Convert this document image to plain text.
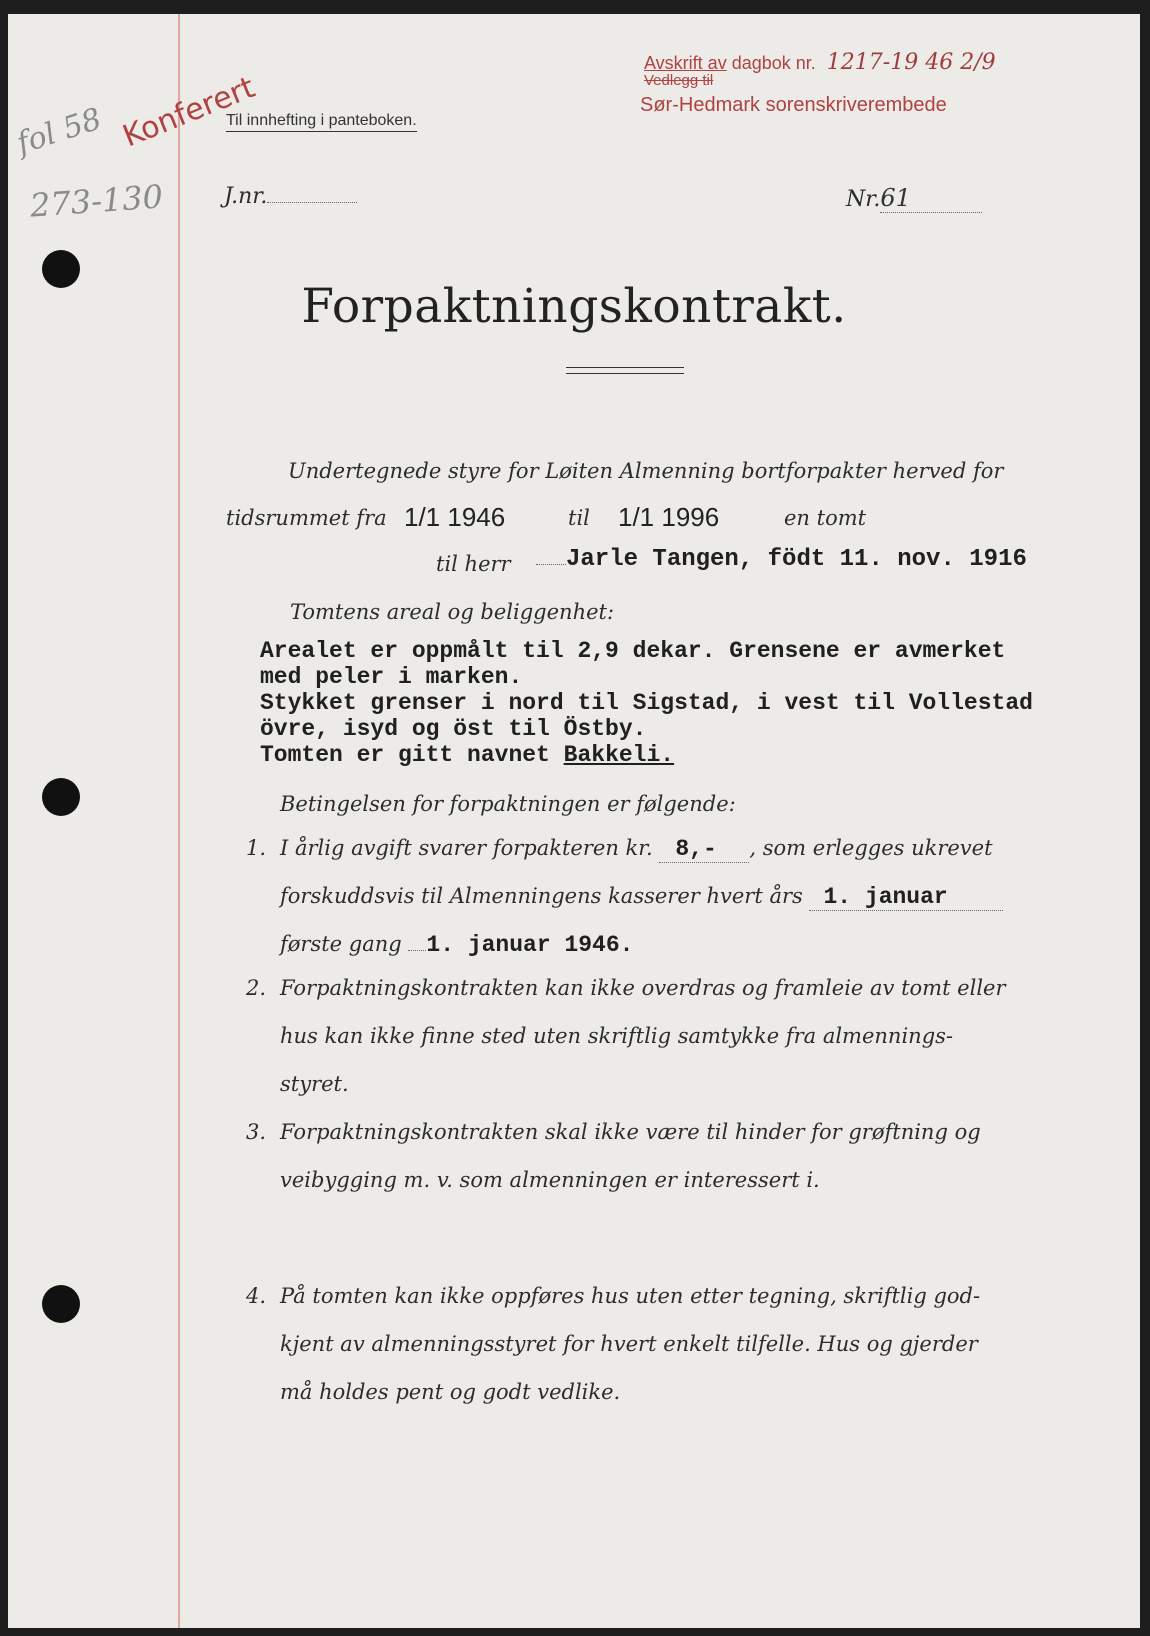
fol 58 Konferert
273-130
Avskrift av dagbok nr. 1217-19 46 2/9
Vedlegg til
Sør-Hedmark sorenskriverembede
Til innhefting i panteboken.
J.nr.	Nr.61
Forpaktningskontrakt.
Undertegnede styre for Løiten Almenning bortforpakter herved for
tidsrummet fra 1/1 1946	til 1/1 1996	en tomt
til herr	Jarle Tangen, födt 11. nov. 1916
Tomtens areal og beliggenhet:
Arealet er oppmålt til 2,9 dekar. Grensene er avmerket
med peler i marken.
Stykket grenser i nord til Sigstad, i vest til Vollestad
övre, isyd og öst til Östby.
Tomten er gitt navnet Bakkeli.
Betingelsen for forpaktningen er følgende:
1. I årlig avgift svarer forpakteren kr. 8,- , som erlegges ukrevet
forskuddsvis til Almenningens kasserer hvert års 1. januar
første gang 1. januar 1946.
2. Forpaktningskontrakten kan ikke overdras og framleie av tomt eller
hus kan ikke finne sted uten skriftlig samtykke fra almennings-
styret.
3. Forpaktningskontrakten skal ikke være til hinder for grøftning og
veibygging m. v. som almenningen er interessert i.
4. På tomten kan ikke oppføres hus uten etter tegning, skriftlig god-
kjent av almenningsstyret for hvert enkelt tilfelle. Hus og gjerder
må holdes pent og godt vedlike.
